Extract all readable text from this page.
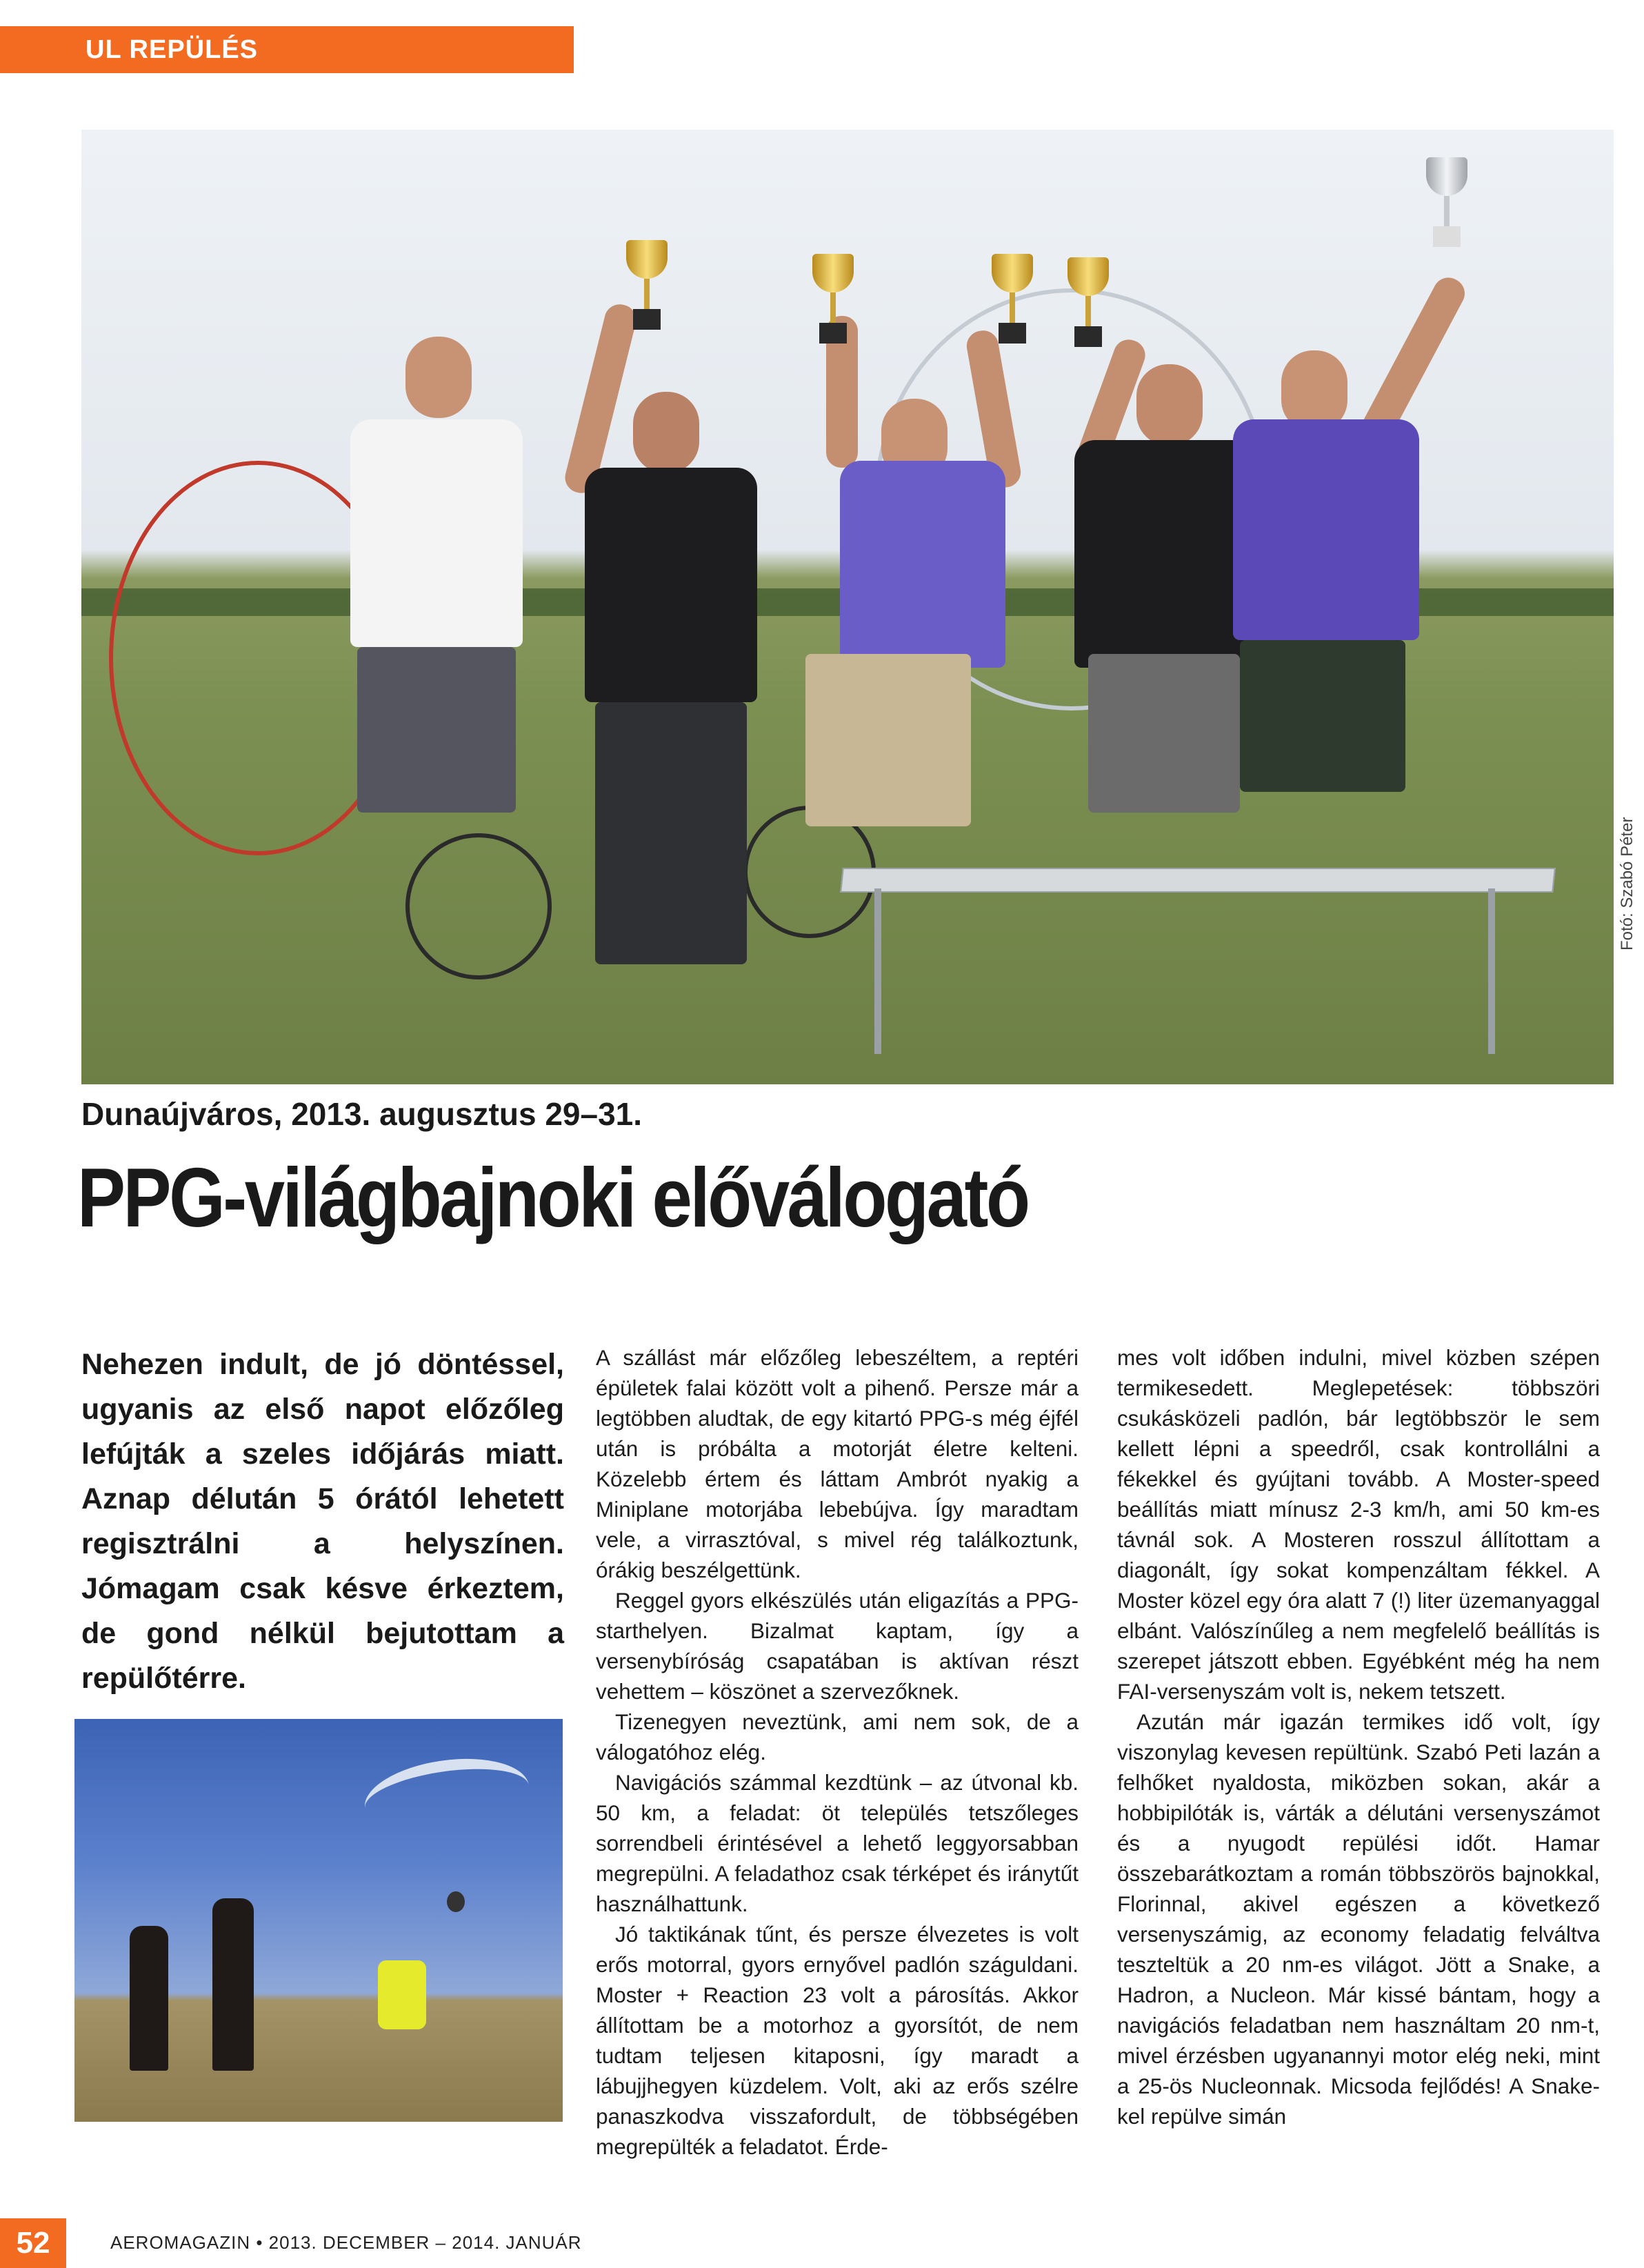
UL REPÜLÉS
Fotó: Szabó Péter
Dunaújváros, 2013. augusztus 29–31.
PPG-világbajnoki előválogató
Nehezen indult, de jó döntéssel, ugyanis az első napot előzőleg lefújták a szeles időjárás miatt. Aznap délután 5 órától lehetett regisztrálni a helyszínen. Jómagam csak késve érkeztem, de gond nélkül bejutottam a repülőtérre.

A szállást már előzőleg lebeszéltem, a reptéri épületek falai között volt a pihenő. Persze már a legtöbben aludtak, de egy kitartó PPG-s még éjfél után is próbálta a motorját életre kelteni. Közelebb értem és láttam Ambrót nyakig a Miniplane motorjába lebebújva. Így maradtam vele, a virrasztóval, s mivel rég találkoztunk, órákig beszélgettünk.

Reggel gyors elkészülés után eligazítás a PPG-starthelyen. Bizalmat kaptam, így a versenybíróság csapatában is aktívan részt vehettem – köszönet a szervezőknek.

Tizenegyen neveztünk, ami nem sok, de a válogatóhoz elég.

Navigációs számmal kezdtünk – az útvonal kb. 50 km, a feladat: öt település tetszőleges sorrendbeli érintésével a lehető leggyorsabban megrepülni. A feladathoz csak térképet és iránytűt használhattunk.

Jó taktikának tűnt, és persze élvezetes is volt erős motorral, gyors ernyővel padlón száguldani. Moster + Reaction 23 volt a párosítás. Akkor állítottam be a motorhoz a gyorsítót, de nem tudtam teljesen kitaposni, így maradt a lábujjhegyen küzdelem. Volt, aki az erős szélre panaszkodva visszafordult, de többségében megrepülték a feladatot. Érde-

mes volt időben indulni, mivel közben szépen termikesedett. Meglepetések: többszöri csukásközeli padlón, bár legtöbbször le sem kellett lépni a speedről, csak kontrollálni a fékekkel és gyújtani tovább. A Moster-speed beállítás miatt mínusz 2-3 km/h, ami 50 km-es távnál sok. A Mosteren rosszul állítottam a diagonált, így sokat kompenzáltam fékkel. A Moster közel egy óra alatt 7 (!) liter üzemanyaggal elbánt. Valószínűleg a nem megfelelő beállítás is szerepet játszott ebben. Egyébként még ha nem FAI-versenyszám volt is, nekem tetszett.

Azután már igazán termikes idő volt, így viszonylag kevesen repültünk. Szabó Peti lazán a felhőket nyaldosta, miközben sokan, akár a hobbipilóták is, várták a délutáni versenyszámot és a nyugodt repülési időt. Hamar összebarátkoztam a román többszörös bajnokkal, Florinnal, akivel egészen a következő versenyszámig, az economy feladatig felváltva teszteltük a 20 nm-es világot. Jött a Snake, a Hadron, a Nucleon. Már kissé bántam, hogy a navigációs feladatban nem használtam 20 nm-t, mivel érzésben ugyanannyi motor elég neki, mint a 25-ös Nucleonnak. Micsoda fejlődés! A Snake-kel repülve simán

52	AEROMAGAZIN • 2013. DECEMBER – 2014. JANUÁR
